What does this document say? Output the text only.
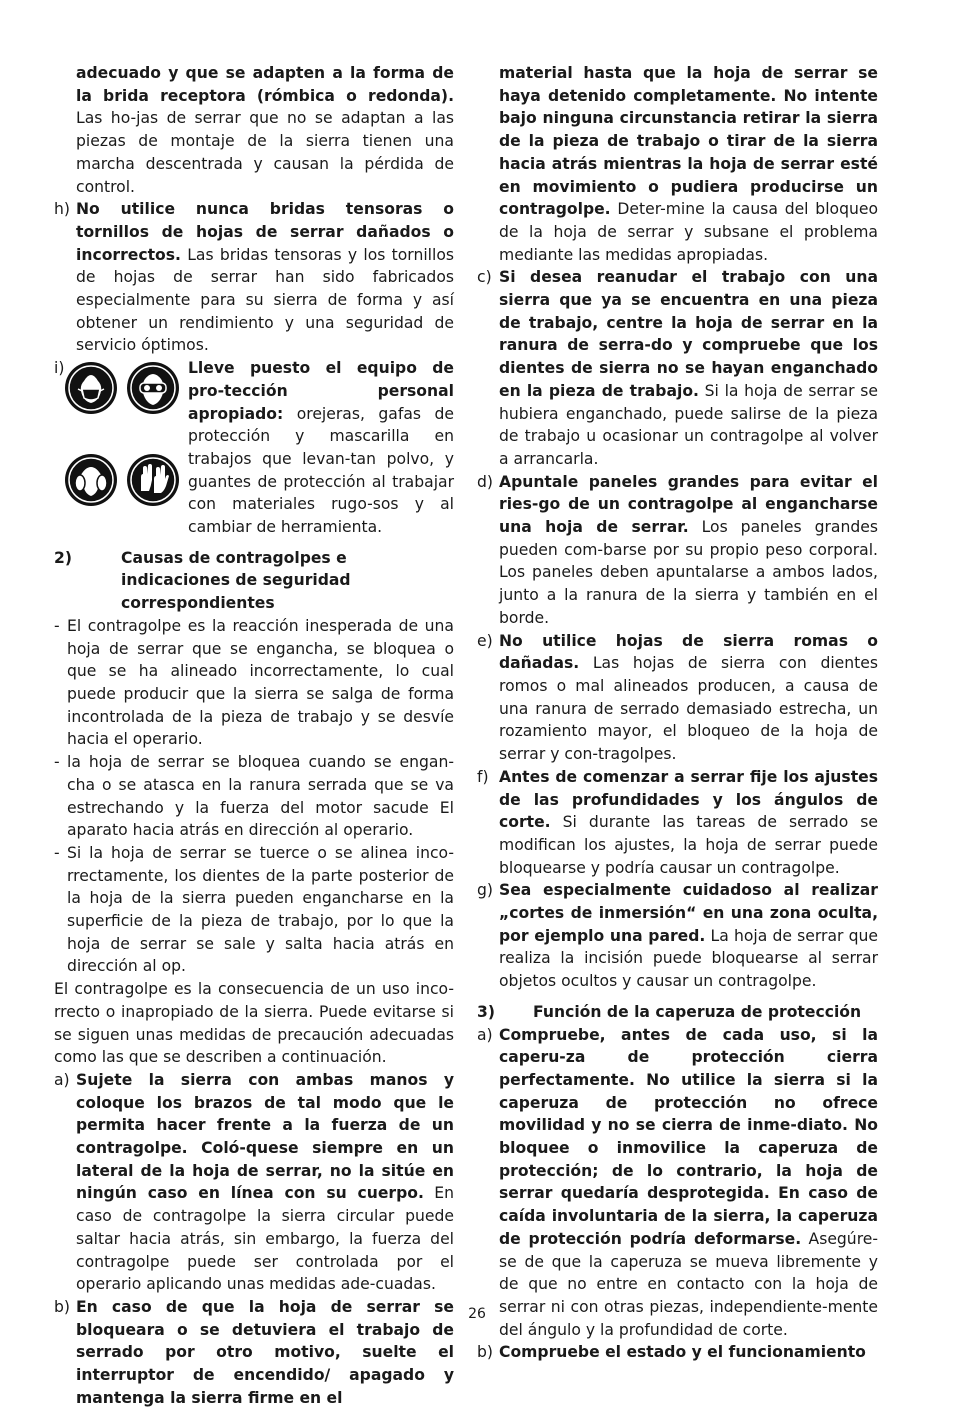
adecuado y que se adapten a la forma de la brida receptora (rómbica o redonda). Las ho-jas de serrar que no se adaptan a las piezas de montaje de la sierra tienen una marcha descentrada y causan la pérdida de control.

h) No utilice nunca bridas tensoras o tornillos de hojas de serrar dañados o incorrectos. Las bridas tensoras y los tornillos de hojas de serrar han sido fabricados especialmente para su sierra de forma y así obtener un rendimiento y una seguridad de servicio óptimos.
i)	Lleve puesto el equipo de pro-tección personal apropiado: orejeras, gafas de protección y mascarilla en trabajos que levan-tan polvo, y guantes de protección al trabajar con materiales rugo-sos y al cambiar de herramienta.
2)	Causas de contragolpes e indicaciones de seguridad correspondientes
- El contragolpe es la reacción inesperada de una hoja de serrar que se engancha, se bloquea o que se ha alineado incorrectamente, lo cual puede producir que la sierra se salga de forma incontrolada de la pieza de trabajo y se desvíe hacia el operario.
- la hoja de serrar se bloquea cuando se engan-cha o se atasca en la ranura serrada que se va estrechando y la fuerza del motor sacude El aparato hacia atrás en dirección al operario.
- Si la hoja de serrar se tuerce o se alinea inco-rrectamente, los dientes de la parte posterior de la hoja de la sierra pueden engancharse en la superficie de la pieza de trabajo, por lo que la hoja de serrar se sale y salta hacia atrás en dirección al op.

El contragolpe es la consecuencia de un uso inco-rrecto o inapropiado de la sierra. Puede evitarse si se siguen unas medidas de precaución adecuadas como las que se describen a continuación.

a) Sujete la sierra con ambas manos y coloque los brazos de tal modo que le permita hacer frente a la fuerza de un contragolpe. Coló-quese siempre en un lateral de la hoja de serrar, no la sitúe en ningún caso en línea con su cuerpo. En caso de contragolpe la sierra circular puede saltar hacia atrás, sin embargo, la fuerza del contragolpe puede ser controlada por el operario aplicando unas medidas ade-cuadas.
b) En caso de que la hoja de serrar se bloqueara o se detuviera el trabajo de serrado por otro motivo, suelte el interruptor de encendido/ apagado y mantenga la sierra firme en el

material hasta que la hoja de serrar se haya detenido completamente. No intente bajo ninguna circunstancia retirar la sierra de la pieza de trabajo o tirar de la sierra hacia atrás mientras la hoja de serrar esté en movimiento o pudiera producirse un contragolpe. Deter-mine la causa del bloqueo de la hoja de serrar y subsane el problema mediante las medidas apropiadas.

c) Si desea reanudar el trabajo con una sierra que ya se encuentra en una pieza de trabajo, centre la hoja de serrar en la ranura de serra-do y compruebe que los dientes de sierra no se hayan enganchado en la pieza de trabajo. Si la hoja de serrar se hubiera enganchado, puede salirse de la pieza de trabajo u ocasionar un contragolpe al volver a arrancarla.
d) Apuntale paneles grandes para evitar el ries-go de un contragolpe al engancharse una hoja de serrar. Los paneles grandes pueden com-barse por su propio peso corporal. Los paneles deben apuntalarse a ambos lados, junto a la ranura de la sierra y también en el borde.
e) No utilice hojas de sierra romas o dañadas. Las hojas de sierra con dientes romos o mal alineados producen, a causa de una ranura de serrado demasiado estrecha, un rozamiento mayor, el bloqueo de la hoja de serrar y con-tragolpes.
f) Antes de comenzar a serrar fije los ajustes de las profundidades y los ángulos de corte. Si durante las tareas de serrado se modifican los ajustes, la hoja de serrar puede bloquearse y podría causar un contragolpe.
g) Sea especialmente cuidadoso al realizar „cortes de inmersión“ en una zona oculta, por ejemplo una pared. La hoja de serrar que realiza la incisión puede bloquearse al serrar objetos ocultos y causar un contragolpe.
3)	Función de la caperuza de protección
a) Compruebe, antes de cada uso, si la caperu-za de protección cierra perfectamente. No utilice la sierra si la caperuza de protección no ofrece movilidad y no se cierra de inme-diato. No bloquee o inmovilice la caperuza de protección; de lo contrario, la hoja de serrar quedaría desprotegida. En caso de caída involuntaria de la sierra, la caperuza de protección podría deformarse. Asegúre-se de que la caperuza se mueva libremente y de que no entre en contacto con la hoja de serrar ni con otras piezas, independiente-mente del ángulo y la profundidad de corte.
b) Compruebe el estado y el funcionamiento
26
